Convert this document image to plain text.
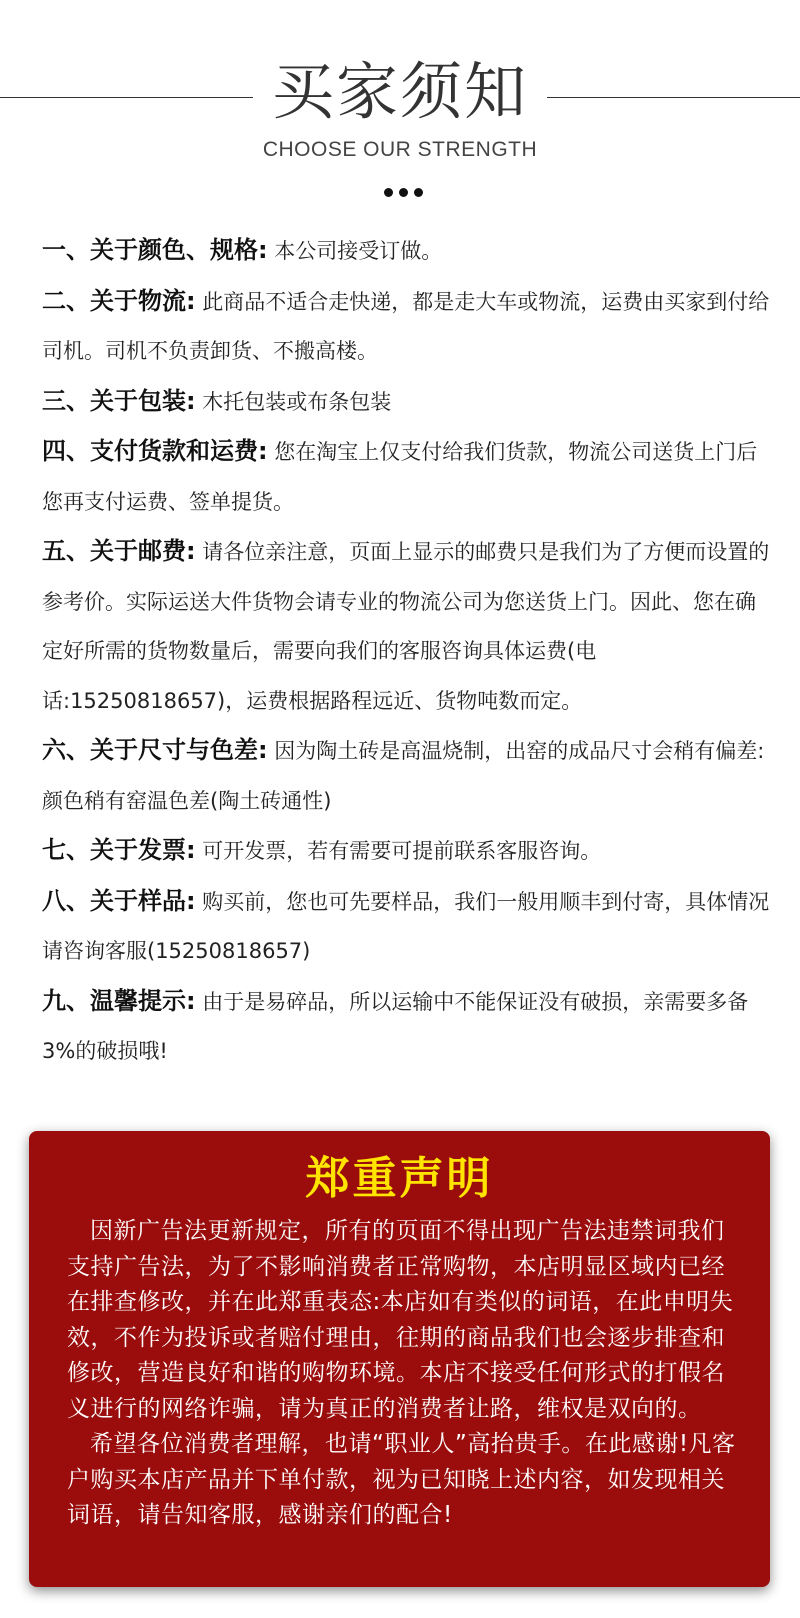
买家须知
CHOOSE OUR STRENGTH

一、关于颜色、规格: 本公司接受订做。

二、关于物流: 此商品不适合走快递，都是走大车或物流，运费由买家到付给司机。司机不负责卸货、不搬高楼。

三、关于包装: 木托包装或布条包装

四、支付货款和运费: 您在淘宝上仅支付给我们货款，物流公司送货上门后您再支付运费、签单提货。

五、关于邮费: 请各位亲注意，页面上显示的邮费只是我们为了方便而设置的参考价。实际运送大件货物会请专业的物流公司为您送货上门。因此、您在确定好所需的货物数量后，需要向我们的客服咨询具体运费(电话:15250818657)，运费根据路程远近、货物吨数而定。

六、关于尺寸与色差: 因为陶土砖是高温烧制，出窑的成品尺寸会稍有偏差:颜色稍有窑温色差(陶土砖通性)

七、关于发票: 可开发票，若有需要可提前联系客服咨询。

八、关于样品: 购买前，您也可先要样品，我们一般用顺丰到付寄，具体情况请咨询客服(15250818657)

九、温馨提示: 由于是易碎品，所以运输中不能保证没有破损，亲需要多备3%的破损哦!

郑重声明

因新广告法更新规定，所有的页面不得出现广告法违禁词我们支持广告法，为了不影响消费者正常购物，本店明显区域内已经在排查修改，并在此郑重表态:本店如有类似的词语，在此申明失效，不作为投诉或者赔付理由，往期的商品我们也会逐步排查和修改，营造良好和谐的购物环境。本店不接受任何形式的打假名义进行的网络诈骗，请为真正的消费者让路，维权是双向的。

希望各位消费者理解，也请“职业人”高抬贵手。在此感谢!凡客户购买本店产品并下单付款，视为已知晓上述内容，如发现相关词语，请告知客服，感谢亲们的配合!
